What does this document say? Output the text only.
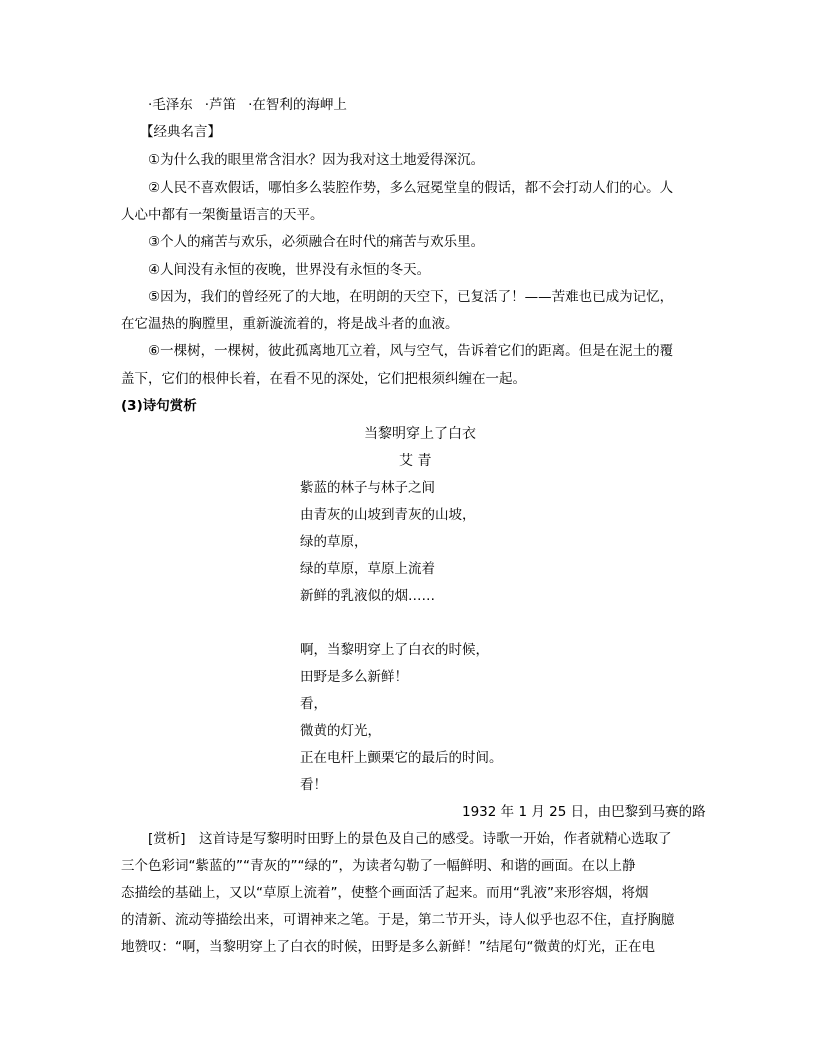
·毛泽东 ·芦笛 ·在智利的海岬上
【经典名言】
①为什么我的眼里常含泪水？因为我对这土地爱得深沉。
②人民不喜欢假话，哪怕多么装腔作势，多么冠冕堂皇的假话，都不会打动人们的心。人
人心中都有一架衡量语言的天平。
③个人的痛苦与欢乐，必须融合在时代的痛苦与欢乐里。
④人间没有永恒的夜晚，世界没有永恒的冬天。
⑤因为，我们的曾经死了的大地，在明朗的天空下，已复活了！——苦难也已成为记忆，
在它温热的胸膛里，重新漩流着的，将是战斗者的血液。
⑥一棵树，一棵树，彼此孤离地兀立着，风与空气，告诉着它们的距离。但是在泥土的覆
盖下，它们的根伸长着，在看不见的深处，它们把根须纠缠在一起。
(3)诗句赏析
当黎明穿上了白衣
艾 青
紫蓝的林子与林子之间
由青灰的山坡到青灰的山坡，
绿的草原，
绿的草原，草原上流着
新鲜的乳液似的烟……
啊，当黎明穿上了白衣的时候，
田野是多么新鲜！
看，
微黄的灯光，
正在电杆上颤栗它的最后的时间。
看！
1932 年 1 月 25 日，由巴黎到马赛的路
[赏析]　这首诗是写黎明时田野上的景色及自己的感受。诗歌一开始，作者就精心选取了
三个色彩词“紫蓝的”“青灰的”“绿的”，为读者勾勒了一幅鲜明、和谐的画面。在以上静
态描绘的基础上，又以“草原上流着”，使整个画面活了起来。而用“乳液”来形容烟，将烟
的清新、流动等描绘出来，可谓神来之笔。于是，第二节开头，诗人似乎也忍不住，直抒胸臆
地赞叹：“啊，当黎明穿上了白衣的时候，田野是多么新鲜！”结尾句“微黄的灯光，正在电
